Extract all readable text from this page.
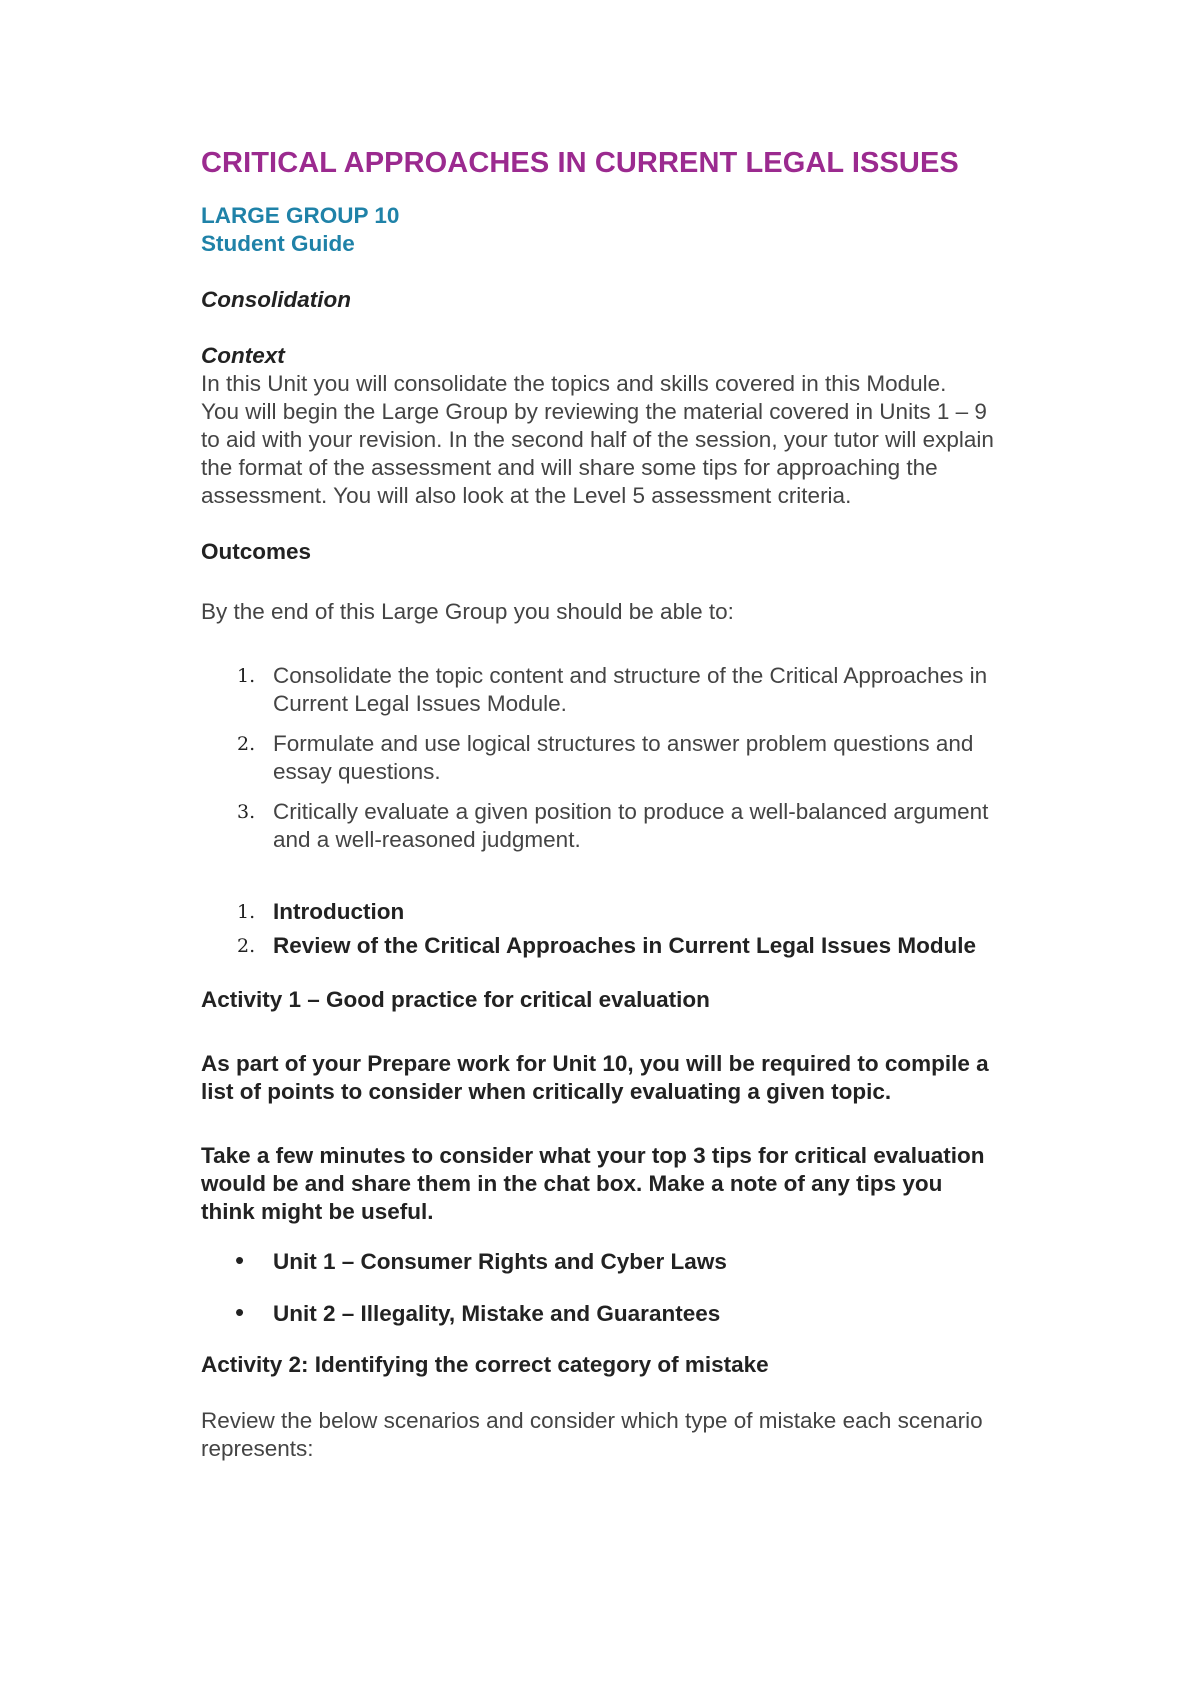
CRITICAL APPROACHES IN CURRENT LEGAL ISSUES

LARGE GROUP 10

Student Guide

Consolidation

Context

In this Unit you will consolidate the topics and skills covered in this Module.
You will begin the Large Group by reviewing the material covered in Units 1 – 9
to aid with your revision. In the second half of the session, your tutor will explain
the format of the assessment and will share some tips for approaching the
assessment. You will also look at the Level 5 assessment criteria.

Outcomes

By the end of this Large Group you should be able to:

1. Consolidate the topic content and structure of the Critical Approaches in
Current Legal Issues Module.
2. Formulate and use logical structures to answer problem questions and
essay questions.
3. Critically evaluate a given position to produce a well-balanced argument
and a well-reasoned judgment.
1. Introduction
2. Review of the Critical Approaches in Current Legal Issues Module

Activity 1 – Good practice for critical evaluation

As part of your Prepare work for Unit 10, you will be required to compile a
list of points to consider when critically evaluating a given topic.
Take a few minutes to consider what your top 3 tips for critical evaluation
would be and share them in the chat box. Make a note of any tips you
think might be useful.
• Unit 1 – Consumer Rights and Cyber Laws
• Unit 2 – Illegality, Mistake and Guarantees

Activity 2: Identifying the correct category of mistake

Review the below scenarios and consider which type of mistake each scenario
represents:
